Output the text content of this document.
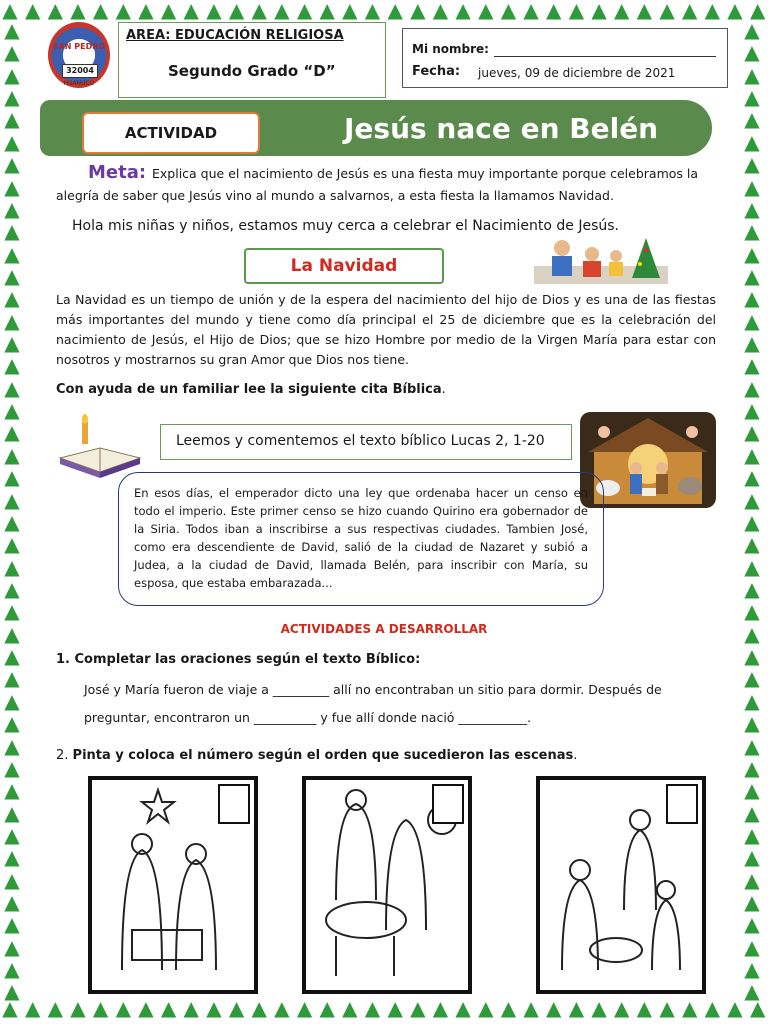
▲ ▲ ▲ ▲ ▲ ▲ ▲ ▲ ▲ ▲ ▲ ▲ ▲ ▲ ▲ ▲ ▲ ▲ ▲ ▲ ▲ ▲ ▲ ▲ ▲ ▲ ▲ ▲ ▲ ▲ ▲ ▲ ▲ ▲
▲ ▲ ▲ ▲ ▲ ▲ ▲ ▲ ▲ ▲ ▲ ▲ ▲ ▲ ▲ ▲ ▲ ▲ ▲ ▲ ▲ ▲ ▲ ▲ ▲ ▲ ▲ ▲ ▲ ▲ ▲ ▲ ▲ ▲
▲
▲
▲
▲
▲
▲
▲
▲
▲
▲
▲
▲
▲
▲
▲
▲
▲
▲
▲
▲
▲
▲
▲
▲
▲
▲
▲
▲
▲
▲
▲
▲
▲
▲
▲
▲
▲
▲
▲
▲
▲
▲
▲
▲
▲
▲
▲
▲
▲
▲
▲
▲
▲
▲
▲
▲
▲
▲
▲
▲
▲
▲
▲
▲
▲
▲
▲
▲
▲
▲
▲
▲
▲
▲
▲
▲
▲
▲
▲
▲
▲
▲
▲
▲
▲
▲
▲
▲
SAN PEDRO
32004
HUANUCO
AREA: EDUCACIÓN RELIGIOSA
Segundo Grado “D”
Mi nombre:
Fecha: jueves, 09 de diciembre de 2021
ACTIVIDAD	Jesús nace en Belén
Meta: Explica que el nacimiento de Jesús es una fiesta muy importante porque celebramos la
alegría de saber que Jesús vino al mundo a salvarnos, a esta fiesta la llamamos Navidad.
Hola mis niñas y niños, estamos muy cerca a celebrar el Nacimiento de Jesús.
La Navidad
La Navidad es un tiempo de unión y de la espera del nacimiento del hijo de Dios y es una de las fiestas más importantes del mundo y tiene como día principal el 25 de diciembre que es la celebración del nacimiento de Jesús, el Hijo de Dios; que se hizo Hombre por medio de la Virgen María para estar con nosotros y mostrarnos su gran Amor que Dios nos tiene.
Con ayuda de un familiar lee la siguiente cita Bíblica.
Leemos y comentemos el texto bíblico Lucas 2, 1-20
En esos días, el emperador dicto una ley que ordenaba hacer un censo en todo el imperio. Este primer censo se hizo cuando Quirino era gobernador de la Siria. Todos iban a inscribirse a sus respectivas ciudades. Tambien José, como era descendiente de David, salió de la ciudad de Nazaret y subió a Judea, a la ciudad de David, llamada Belén, para inscribir con María, su esposa, que estaba embarazada...
ACTIVIDADES A DESARROLLAR
1. Completar las oraciones según el texto Bíblico:
José y María fueron de viaje a _________ allí no encontraban un sitio para dormir. Después de
preguntar, encontraron un __________ y fue allí donde nació ___________.
2. Pinta y coloca el número según el orden que sucedieron las escenas.
